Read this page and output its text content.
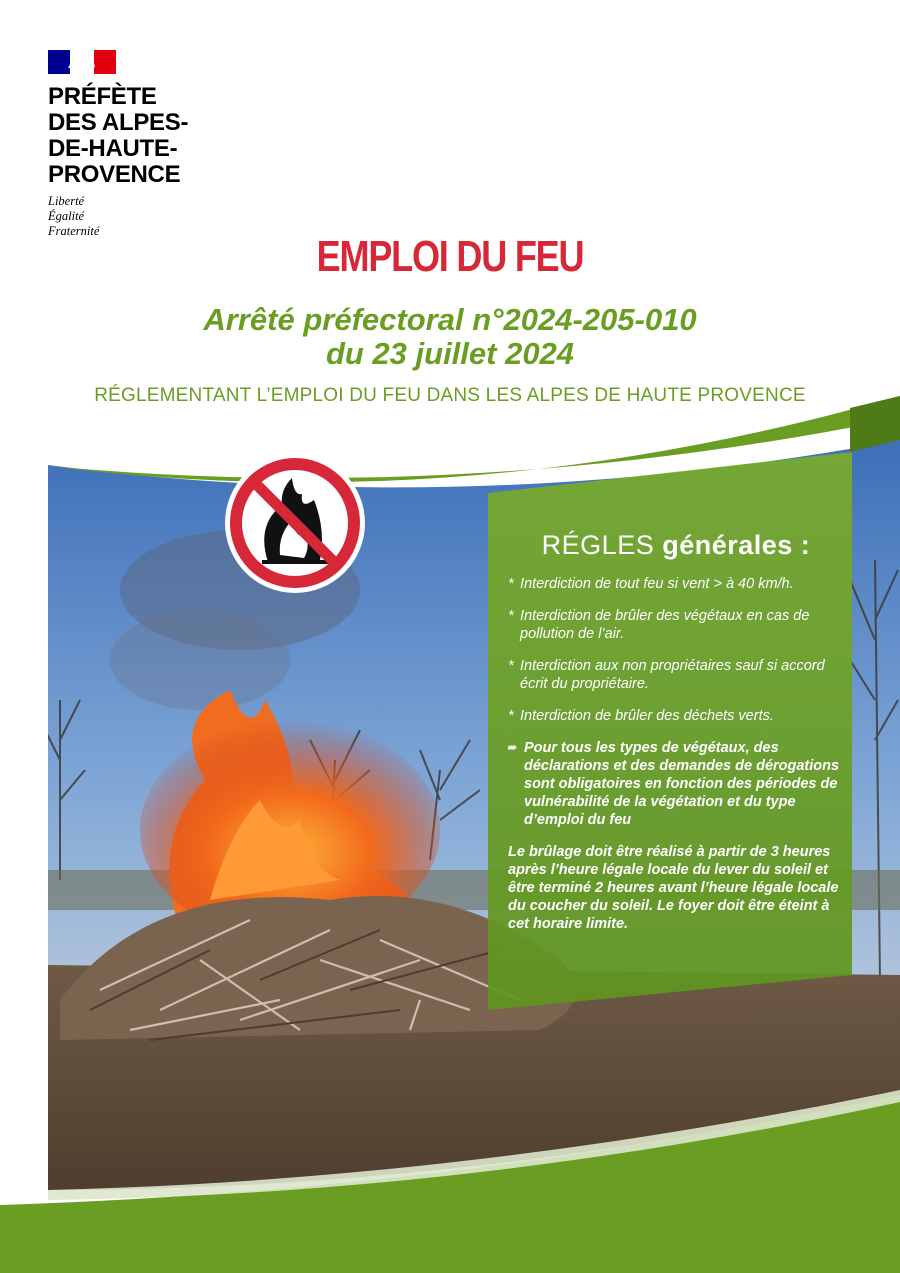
PRÉFÈTE
DES ALPES-
DE-HAUTE-
PROVENCE
Liberté
Égalité
Fraternité
EMPLOI DU FEU
Arrêté préfectoral n°2024-205-010
du 23 juillet 2024
RÉGLEMENTANT L’EMPLOI DU FEU DANS LES ALPES DE HAUTE PROVENCE
RÉGLES générales :
* Interdiction de tout feu si vent > à 40 km/h.
* Interdiction de brûler des végétaux en cas de pollution de l’air.
* Interdiction aux non propriétaires sauf si accord écrit du propriétaire.
* Interdiction de brûler des déchets verts.
➠ Pour tous les types de végétaux, des déclarations et des demandes de dérogations sont obligatoires en fonction des périodes de vulnérabilité de la végétation et du type d’emploi du feu
Le brûlage doit être réalisé à partir de 3 heures après l’heure légale locale du lever du soleil et être terminé 2 heures avant l’heure légale locale du coucher du soleil. Le foyer doit être éteint à cet horaire limite.
